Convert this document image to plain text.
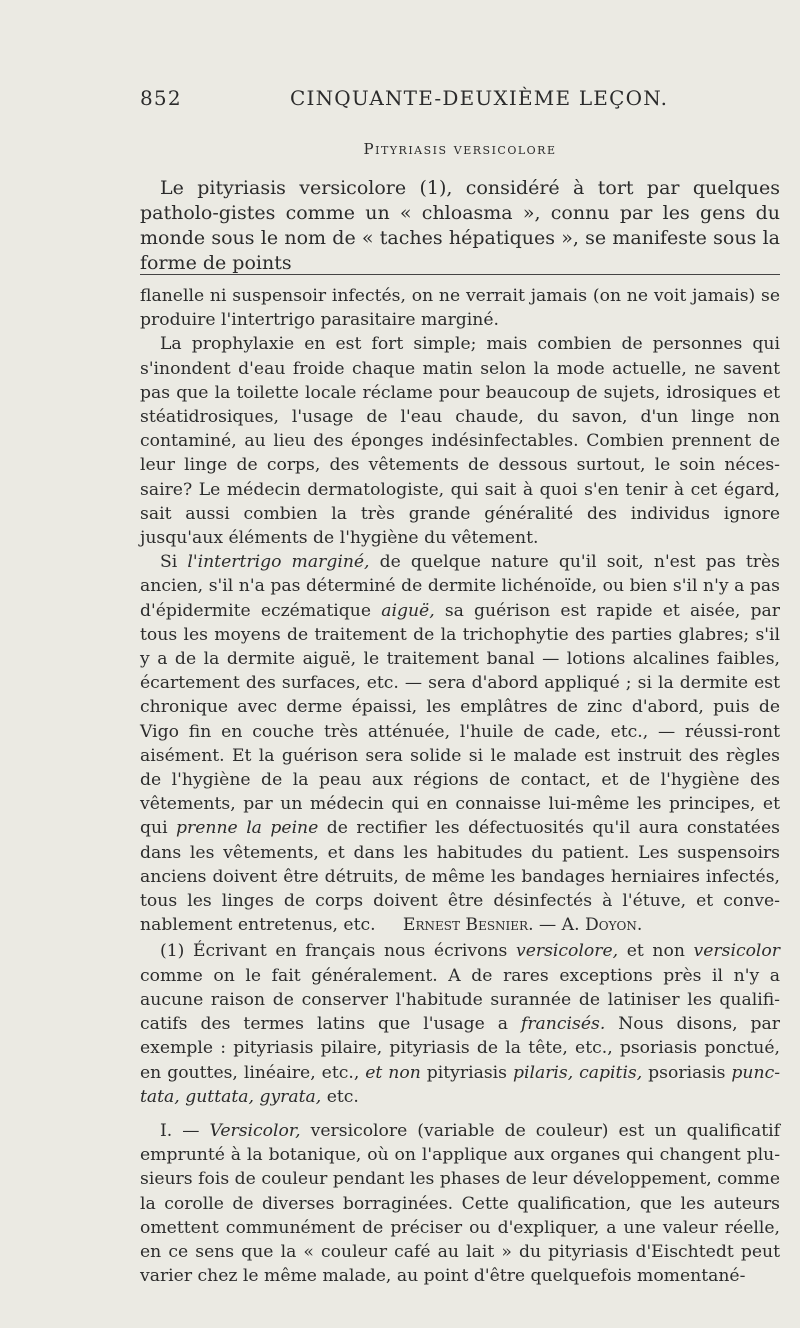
852	CINQUANTE-DEUXIÈME LEÇON.
Pityriasis versicolore

Le pityriasis versicolore (1), considéré à tort par quelques patholo-gistes comme un « chloasma », connu par les gens du monde sous le nom de « taches hépatiques », se manifeste sous la forme de points

flanelle ni suspensoir infectés, on ne verrait jamais (on ne voit jamais) se produire l'intertrigo parasitaire marginé.

La prophylaxie en est fort simple; mais combien de personnes qui s'inondent d'eau froide chaque matin selon la mode actuelle, ne savent pas que la toilette locale réclame pour beaucoup de sujets, idrosiques et stéatidrosiques, l'usage de l'eau chaude, du savon, d'un linge non contaminé, au lieu des éponges indésinfectables. Combien prennent de leur linge de corps, des vêtements de dessous surtout, le soin néces-saire? Le médecin dermatologiste, qui sait à quoi s'en tenir à cet égard, sait aussi combien la très grande généralité des individus ignore jusqu'aux éléments de l'hygiène du vêtement.

Si l'intertrigo marginé, de quelque nature qu'il soit, n'est pas très ancien, s'il n'a pas déterminé de dermite lichénoïde, ou bien s'il n'y a pas d'épidermite eczématique aiguë, sa guérison est rapide et aisée, par tous les moyens de traitement de la trichophytie des parties glabres; s'il y a de la dermite aiguë, le traitement banal — lotions alcalines faibles, écartement des surfaces, etc. — sera d'abord appliqué ; si la dermite est chronique avec derme épaissi, les emplâtres de zinc d'abord, puis de Vigo fin en couche très atténuée, l'huile de cade, etc., — réussi-ront aisément. Et la guérison sera solide si le malade est instruit des règles de l'hygiène de la peau aux régions de contact, et de l'hygiène des vêtements, par un médecin qui en connaisse lui-même les principes, et qui prenne la peine de rectifier les défectuosités qu'il aura constatées dans les vêtements, et dans les habitudes du patient. Les suspensoirs anciens doivent être détruits, de même les bandages herniaires infectés, tous les linges de corps doivent être désinfectés à l'étuve, et conve-nablement entretenus, etc. Ernest Besnier. — A. Doyon.

(1) Écrivant en français nous écrivons versicolore, et non versicolor comme on le fait généralement. A de rares exceptions près il n'y a aucune raison de conserver l'habitude surannée de latiniser les qualifi-catifs des termes latins que l'usage a francisés. Nous disons, par exemple : pityriasis pilaire, pityriasis de la tête, etc., psoriasis ponctué, en gouttes, linéaire, etc., et non pityriasis pilaris, capitis, psoriasis punc-tata, guttata, gyrata, etc.

I. — Versicolor, versicolore (variable de couleur) est un qualificatif emprunté à la botanique, où on l'applique aux organes qui changent plu-sieurs fois de couleur pendant les phases de leur développement, comme la corolle de diverses borraginées. Cette qualification, que les auteurs omettent communément de préciser ou d'expliquer, a une valeur réelle, en ce sens que la « couleur café au lait » du pityriasis d'Eischtedt peut varier chez le même malade, au point d'être quelquefois momentané-
